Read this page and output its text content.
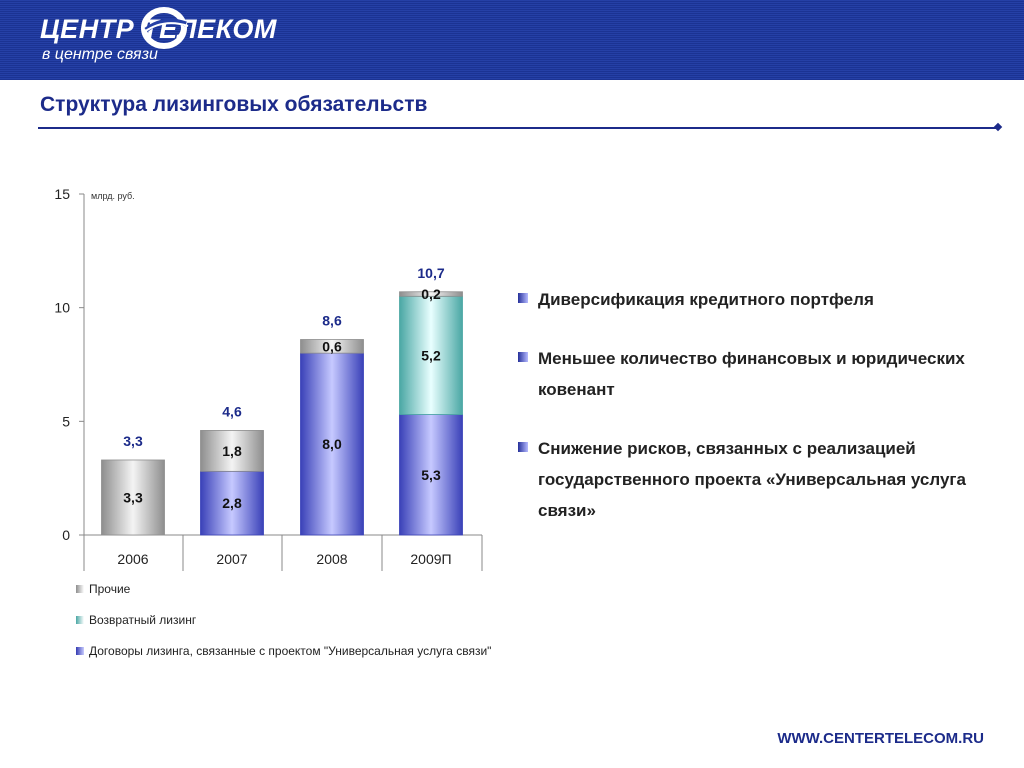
ЦЕНТР ТЕЛЕКОМ
в центре связи
Структура лизинговых обязательств
0
5
10
15
2006	2007	2008	2009П
3,3
3,3
2,8
1,8
4,6
8,0
0,6
8,6
5,3
5,2
0,2
10,7
млрд. руб.
Прочие
Возвратный лизинг
Договоры лизинга, связанные с проектом "Универсальная услуга связи"
Диверсификация кредитного портфеля
Меньшее количество финансовых и юридических ковенант
Снижение рисков, связанных с реализацией государственного проекта «Универсальная услуга связи»
WWW.CENTERTELECOM.RU
